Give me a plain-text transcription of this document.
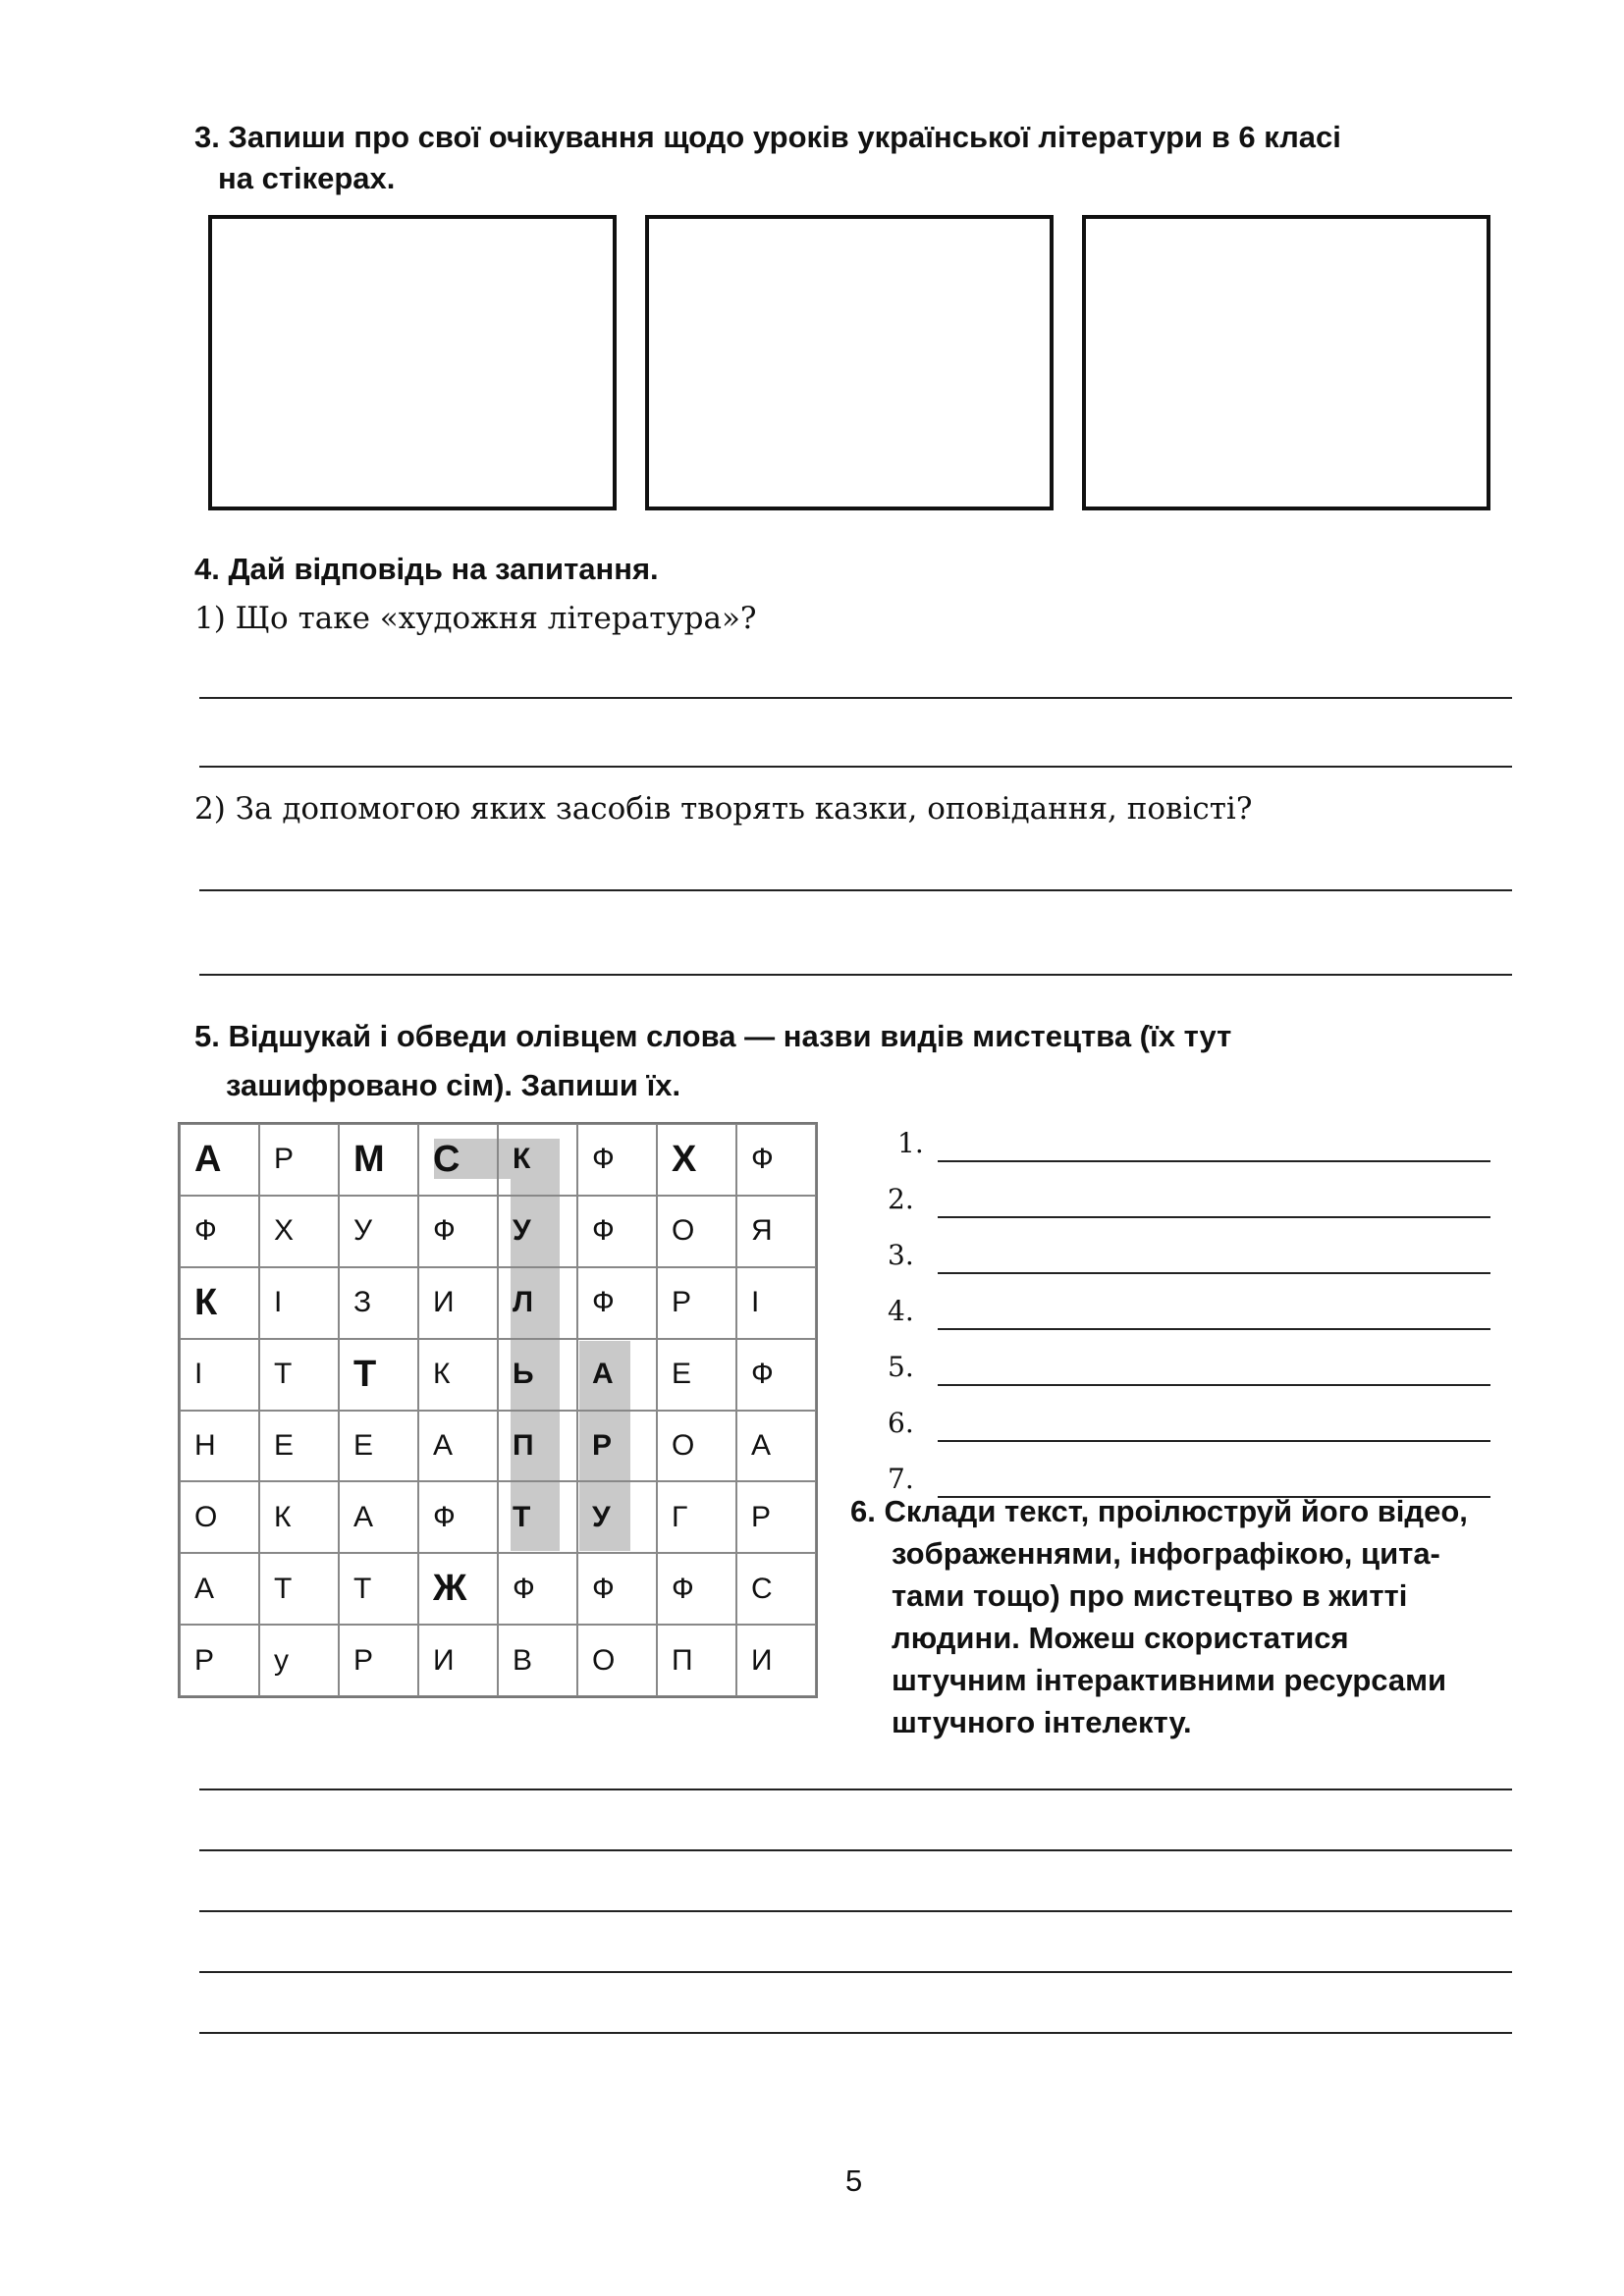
3. Запиши про свої очікування щодо уроків української літератури в 6 класі
на стікерах.
4. Дай відповідь на запитання.
1) Що таке «художня література»?
2) За допомогою яких засобів творять казки, оповідання, повісті?
5. Відшукай і обведи олівцем слова — назви видів мистецтва (їх тут
зашифровано сім). Запиши їх.
А	Р	М	С	К	Ф	Х	Ф
Ф	Х	У	Ф	У	Ф	О	Я
К	І	З	И	Л	Ф	Р	І
І	Т	Т	К	Ь	А	Е	Ф
Н	Е	Е	А	П	Р	О	А
О	К	А	Ф	Т	У	Г	Р
А	Т	Т	Ж	Ф	Ф	Ф	С
Р	у	Р	И	В	О	П	И
1.
2.
3.
4.
5.
6.
7.
6. Склади текст, проілюструй його відео,
зображеннями, інфографікою, цита-
тами тощо) про мистецтво в житті
людини. Можеш скористатися
штучним інтерактивними ресурсами
штучного інтелекту.
5
